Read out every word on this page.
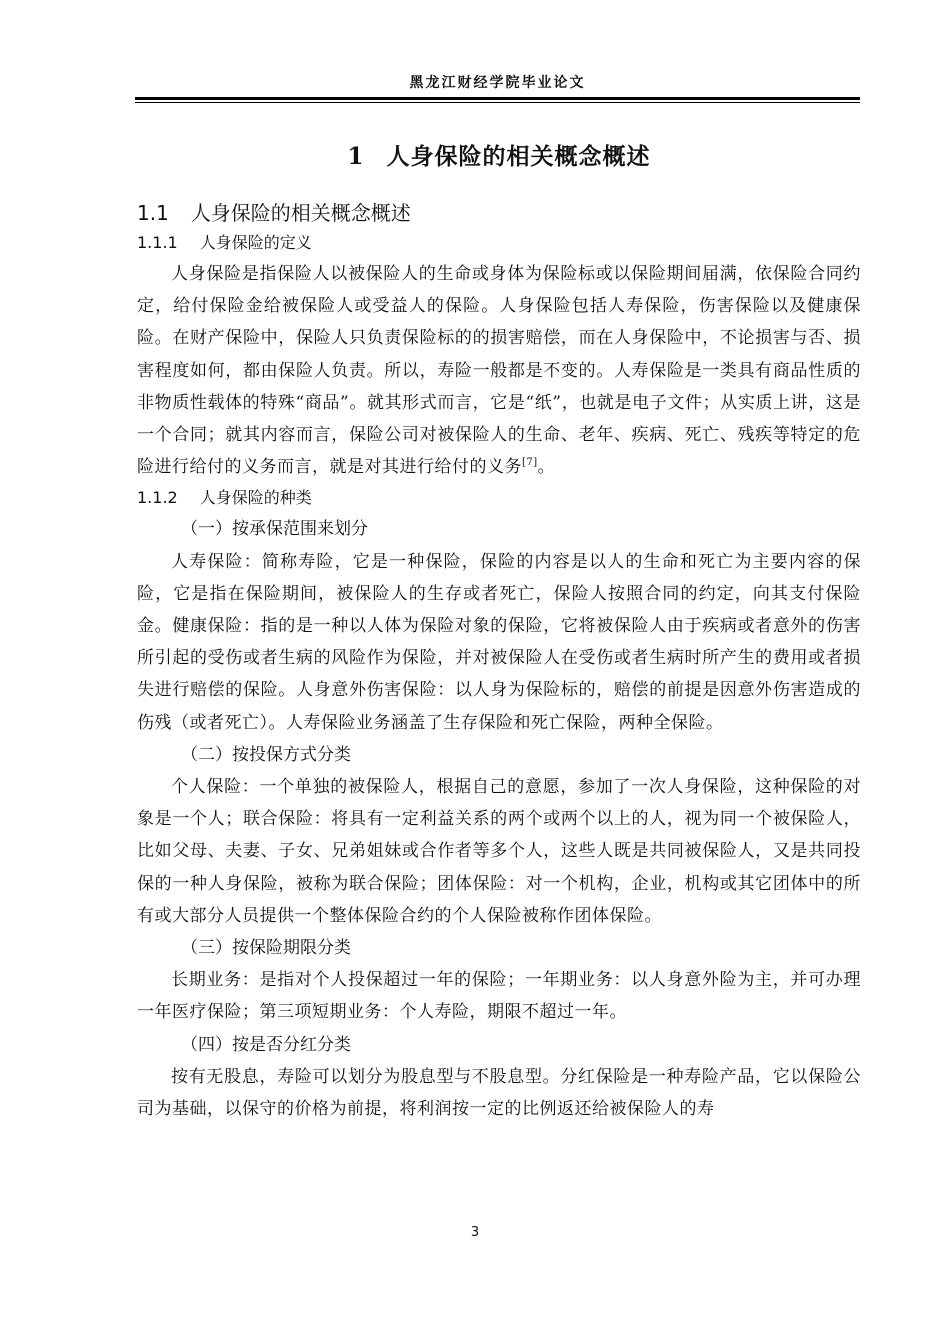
黑龙江财经学院毕业论文
1 人身保险的相关概念概述
1.1 人身保险的相关概念概述
1.1.1 人身保险的定义

人身保险是指保险人以被保险人的生命或身体为保险标或以保险期间届满，依保险合同约定，给付保险金给被保险人或受益人的保险。人身保险包括人寿保险，伤害保险以及健康保险。在财产保险中，保险人只负责保险标的的损害赔偿，而在人身保险中，不论损害与否、损害程度如何，都由保险人负责。所以，寿险一般都是不变的。人寿保险是一类具有商品性质的非物质性载体的特殊“商品”。就其形式而言，它是“纸”，也就是电子文件；从实质上讲，这是一个合同；就其内容而言，保险公司对被保险人的生命、老年、疾病、死亡、残疾等特定的危险进行给付的义务而言，就是对其进行给付的义务[7]。

1.1.2 人身保险的种类

（一）按承保范围来划分

人寿保险：简称寿险，它是一种保险，保险的内容是以人的生命和死亡为主要内容的保险，它是指在保险期间，被保险人的生存或者死亡，保险人按照合同的约定，向其支付保险金。健康保险：指的是一种以人体为保险对象的保险，它将被保险人由于疾病或者意外的伤害所引起的受伤或者生病的风险作为保险，并对被保险人在受伤或者生病时所产生的费用或者损失进行赔偿的保险。人身意外伤害保险：以人身为保险标的，赔偿的前提是因意外伤害造成的伤残（或者死亡）。人寿保险业务涵盖了生存保险和死亡保险，两种全保险。

（二）按投保方式分类

个人保险：一个单独的被保险人，根据自己的意愿，参加了一次人身保险，这种保险的对象是一个人；联合保险：将具有一定利益关系的两个或两个以上的人，视为同一个被保险人，比如父母、夫妻、子女、兄弟姐妹或合作者等多个人，这些人既是共同被保险人，又是共同投保的一种人身保险，被称为联合保险；团体保险：对一个机构，企业，机构或其它团体中的所有或大部分人员提供一个整体保险合约的个人保险被称作团体保险。

（三）按保险期限分类

长期业务：是指对个人投保超过一年的保险；一年期业务：以人身意外险为主，并可办理一年医疗保险；第三项短期业务：个人寿险，期限不超过一年。

（四）按是否分红分类

按有无股息，寿险可以划分为股息型与不股息型。分红保险是一种寿险产品，它以保险公司为基础，以保守的价格为前提，将利润按一定的比例返还给被保险人的寿

3
